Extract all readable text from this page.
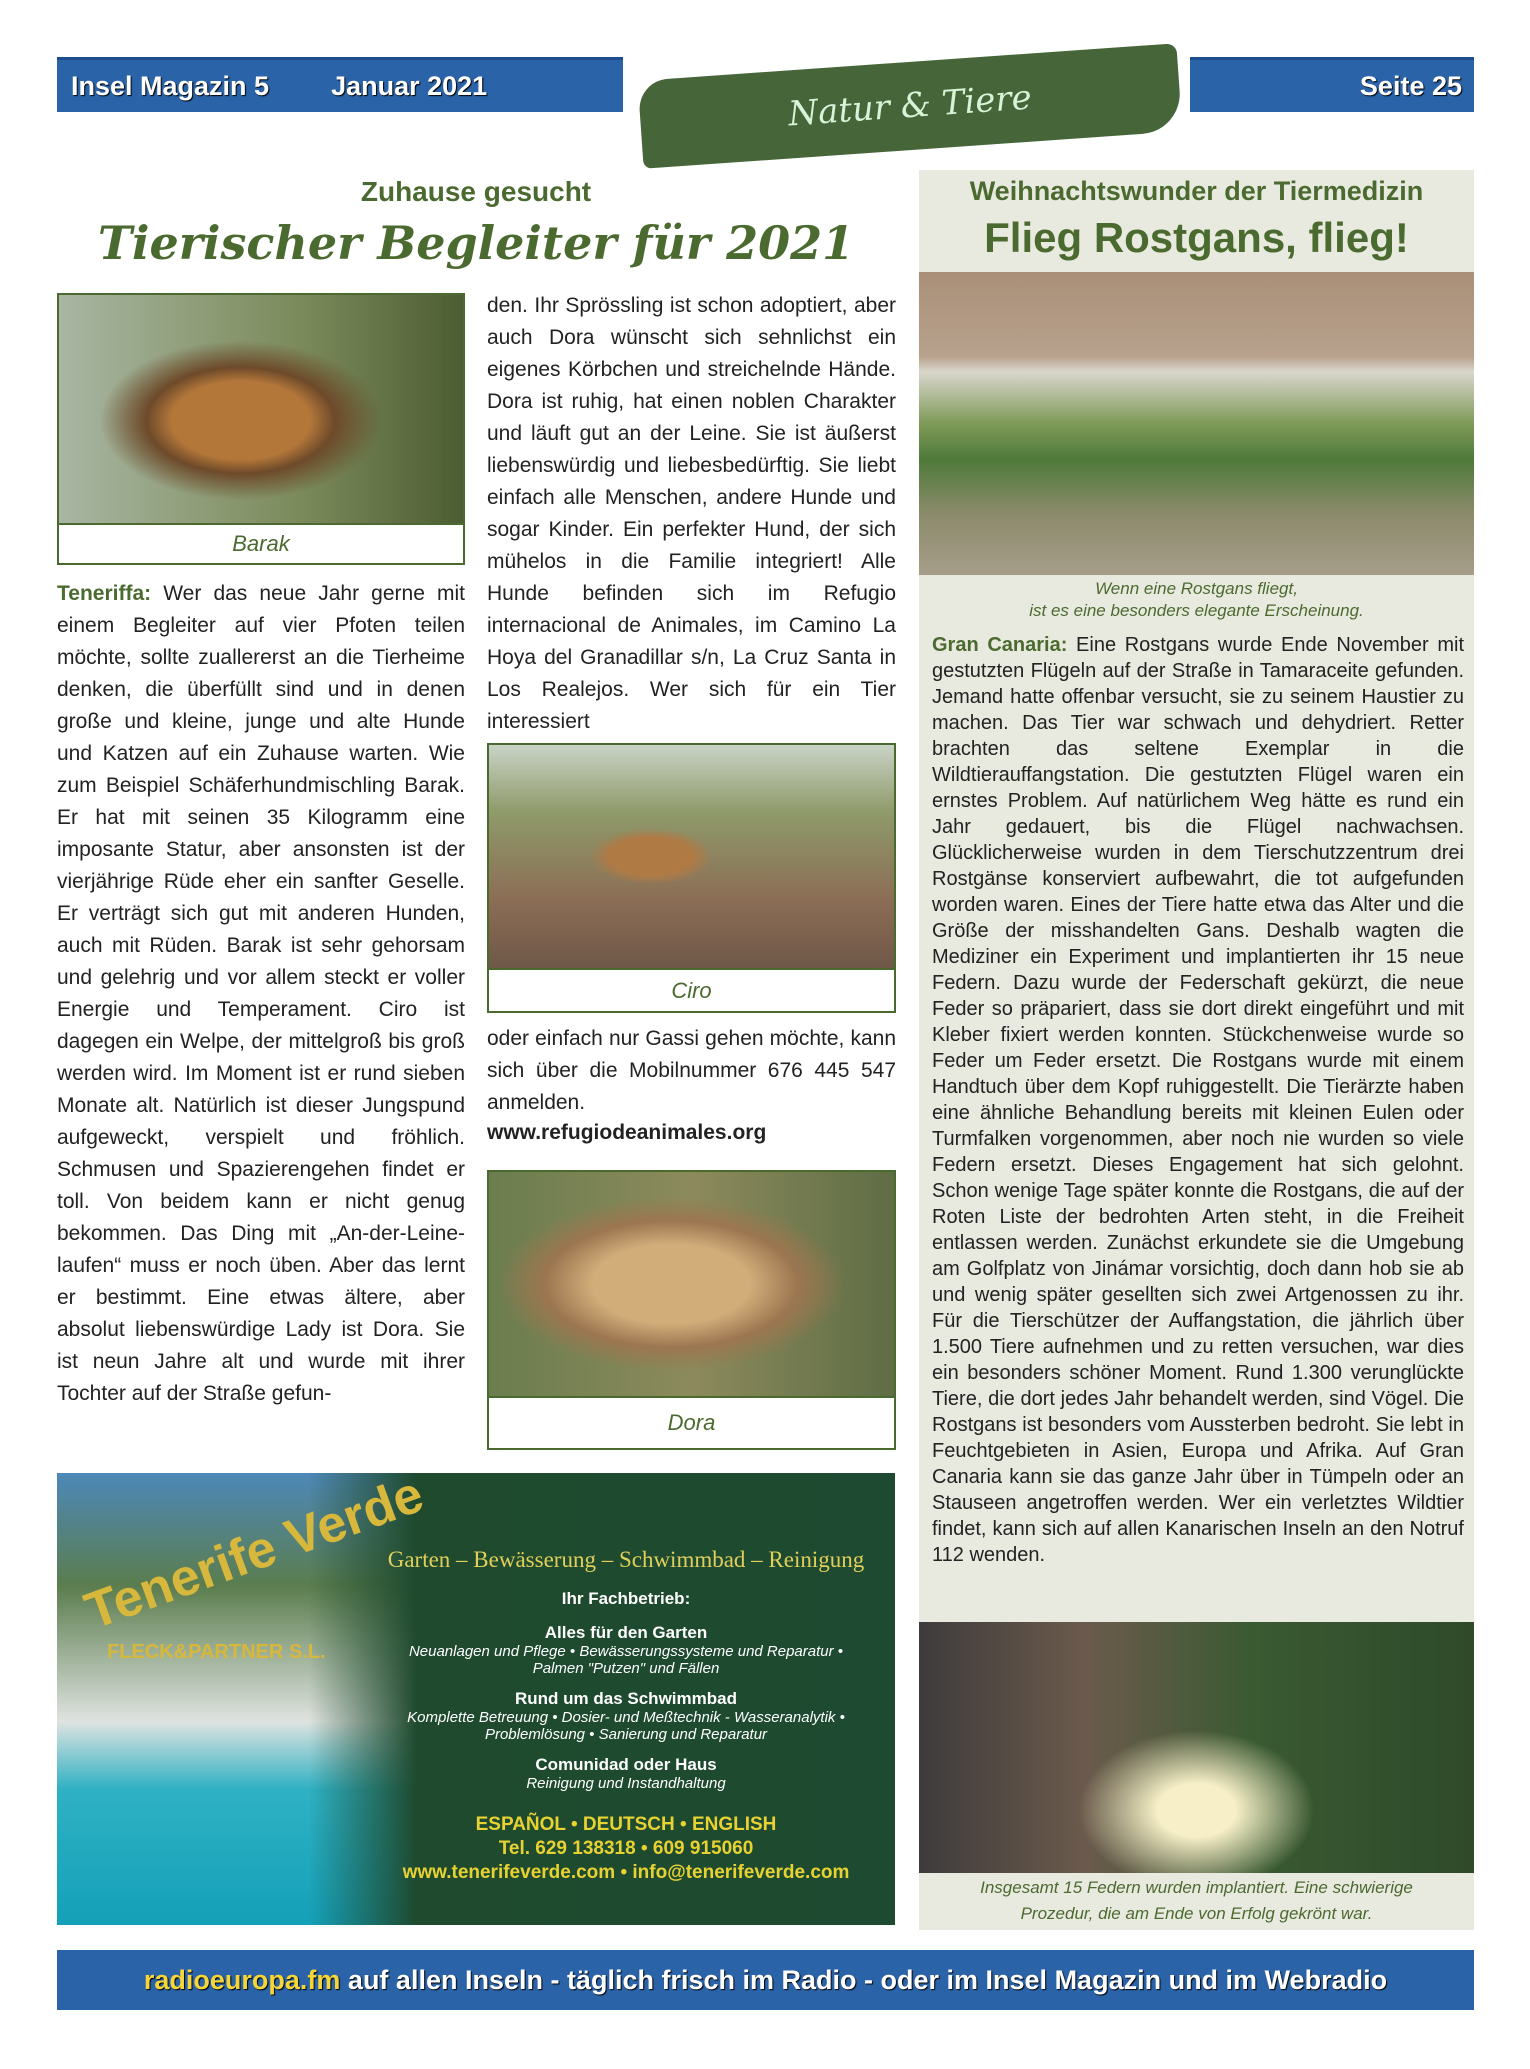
Insel Magazin 5 Januar 2021	Natur & Tiere	Seite 25
Zuhause gesucht
Tierischer Begleiter für 2021
Barak
Teneriffa: Wer das neue Jahr gerne mit einem Begleiter auf vier Pfoten teilen möchte, sollte zuallererst an die Tierheime denken, die überfüllt sind und in denen große und kleine, junge und alte Hunde und Katzen auf ein Zuhause warten. Wie zum Beispiel Schäferhundmischling Barak. Er hat mit seinen 35 Kilogramm eine imposante Statur, aber ansonsten ist der vierjährige Rüde eher ein sanfter Geselle. Er verträgt sich gut mit anderen Hunden, auch mit Rüden. Barak ist sehr gehorsam und gelehrig und vor allem steckt er voller Energie und Temperament. Ciro ist dagegen ein Welpe, der mittelgroß bis groß werden wird. Im Moment ist er rund sieben Monate alt. Natürlich ist dieser Jungspund aufgeweckt, verspielt und fröhlich. Schmusen und Spazierengehen findet er toll. Von beidem kann er nicht genug bekommen. Das Ding mit „An-der-Leine-laufen“ muss er noch üben. Aber das lernt er bestimmt. Eine etwas ältere, aber absolut liebenswürdige Lady ist Dora. Sie ist neun Jahre alt und wurde mit ihrer Tochter auf der Straße gefun-
den. Ihr Sprössling ist schon adoptiert, aber auch Dora wünscht sich sehnlichst ein eigenes Körbchen und streichelnde Hände. Dora ist ruhig, hat einen noblen Charakter und läuft gut an der Leine. Sie ist äußerst liebenswürdig und liebesbedürftig. Sie liebt einfach alle Menschen, andere Hunde und sogar Kinder. Ein perfekter Hund, der sich mühelos in die Familie integriert! Alle Hunde befinden sich im Refugio internacional de Animales, im Camino La Hoya del Granadillar s/n, La Cruz Santa in Los Realejos. Wer sich für ein Tier interessiert
Ciro
oder einfach nur Gassi gehen möchte, kann sich über die Mobilnummer 676 445 547 anmelden.
www.refugiodeanimales.org
Dora
Tenerife Verde
FLECK&PARTNER S.L.
Garten – Bewässerung – Schwimmbad – Reinigung
Ihr Fachbetrieb:
Alles für den Garten
Neuanlagen und Pflege • Bewässerungssysteme und Reparatur •
Palmen "Putzen" und Fällen
Rund um das Schwimmbad
Komplette Betreuung • Dosier- und Meßtechnik - Wasseranalytik •
Problemlösung • Sanierung und Reparatur
Comunidad oder Haus
Reinigung und Instandhaltung
ESPAÑOL • DEUTSCH • ENGLISH
Tel. 629 138318 • 609 915060
www.tenerifeverde.com • info@tenerifeverde.com
Weihnachtswunder der Tiermedizin
Flieg Rostgans, flieg!
Wenn eine Rostgans fliegt,
ist es eine besonders elegante Erscheinung.
Gran Canaria: Eine Rostgans wurde Ende November mit gestutzten Flügeln auf der Straße in Tamaraceite gefunden. Jemand hatte offenbar versucht, sie zu seinem Haustier zu machen. Das Tier war schwach und dehydriert. Retter brachten das seltene Exemplar in die Wildtierauffangstation. Die gestutzten Flügel waren ein ernstes Problem. Auf natürlichem Weg hätte es rund ein Jahr gedauert, bis die Flügel nachwachsen. Glücklicherweise wurden in dem Tierschutzzentrum drei Rostgänse konserviert aufbewahrt, die tot aufgefunden worden waren. Eines der Tiere hatte etwa das Alter und die Größe der misshandelten Gans. Deshalb wagten die Mediziner ein Experiment und implantierten ihr 15 neue Federn. Dazu wurde der Federschaft gekürzt, die neue Feder so präpariert, dass sie dort direkt eingeführt und mit Kleber fixiert werden konnten. Stückchenweise wurde so Feder um Feder ersetzt. Die Rostgans wurde mit einem Handtuch über dem Kopf ruhiggestellt. Die Tierärzte haben eine ähnliche Behandlung bereits mit kleinen Eulen oder Turmfalken vorgenommen, aber noch nie wurden so viele Federn ersetzt. Dieses Engagement hat sich gelohnt. Schon wenige Tage später konnte die Rostgans, die auf der Roten Liste der bedrohten Arten steht, in die Freiheit entlassen werden. Zunächst erkundete sie die Umgebung am Golfplatz von Jinámar vorsichtig, doch dann hob sie ab und wenig später gesellten sich zwei Artgenossen zu ihr. Für die Tierschützer der Auffangstation, die jährlich über 1.500 Tiere aufnehmen und zu retten versuchen, war dies ein besonders schöner Moment. Rund 1.300 verunglückte Tiere, die dort jedes Jahr behandelt werden, sind Vögel. Die Rostgans ist besonders vom Aussterben bedroht. Sie lebt in Feuchtgebieten in Asien, Europa und Afrika. Auf Gran Canaria kann sie das ganze Jahr über in Tümpeln oder an Stauseen angetroffen werden. Wer ein verletztes Wildtier findet, kann sich auf allen Kanarischen Inseln an den Notruf 112 wenden.
Insgesamt 15 Federn wurden implantiert. Eine schwierige
Prozedur, die am Ende von Erfolg gekrönt war.
radioeuropa.fm auf allen Inseln - täglich frisch im Radio - oder im Insel Magazin und im Webradio
